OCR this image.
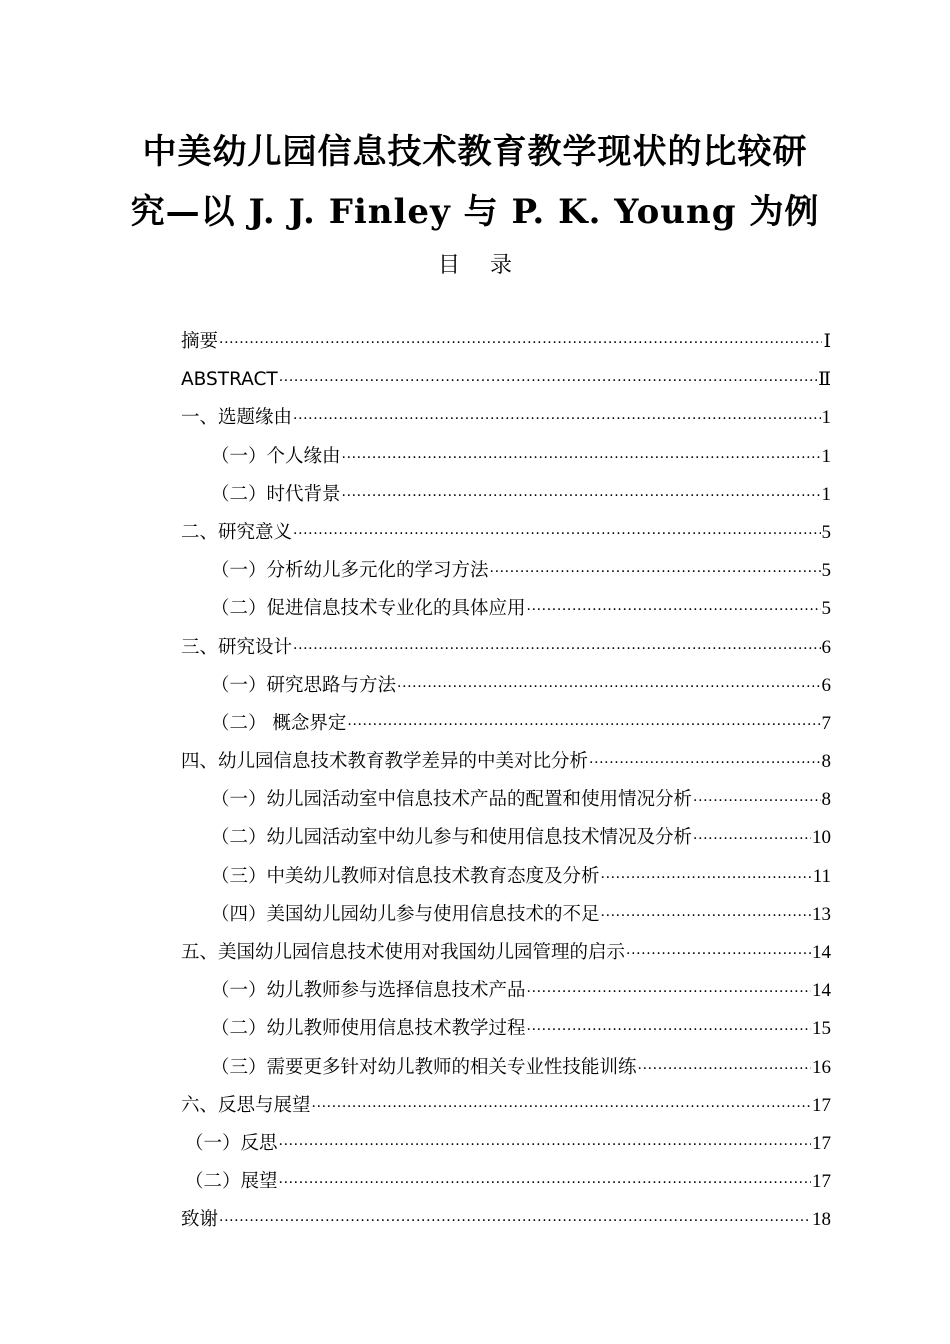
中美幼儿园信息技术教育教学现状的比较研
究—以 J. J. Finley 与 P. K. Young 为例
目录
摘要 ·····	Ⅰ
ABSTRACT ·····	Ⅱ
一、选题缘由 ·····	1
（一）个人缘由 ·····	1
（二）时代背景 ·····	1
二、研究意义 ·····	5
（一）分析幼儿多元化的学习方法 ·····	5
（二）促进信息技术专业化的具体应用 ·····	5
三、研究设计 ·····	6
（一）研究思路与方法 ·····	6
（二） 概念界定 ·····	7
四、幼儿园信息技术教育教学差异的中美对比分析 ·····	8
（一）幼儿园活动室中信息技术产品的配置和使用情况分析 ·····	8
（二）幼儿园活动室中幼儿参与和使用信息技术情况及分析 ·····	10
（三）中美幼儿教师对信息技术教育态度及分析 ·····	11
（四）美国幼儿园幼儿参与使用信息技术的不足 ·····	13
五、美国幼儿园信息技术使用对我国幼儿园管理的启示 ·····	14
（一）幼儿教师参与选择信息技术产品 ·····	14
（二）幼儿教师使用信息技术教学过程 ·····	15
（三）需要更多针对幼儿教师的相关专业性技能训练 ·····	16
六、反思与展望 ·····	17
（一）反思 ·····	17
（二）展望 ·····	17
致谢 ·····	18
